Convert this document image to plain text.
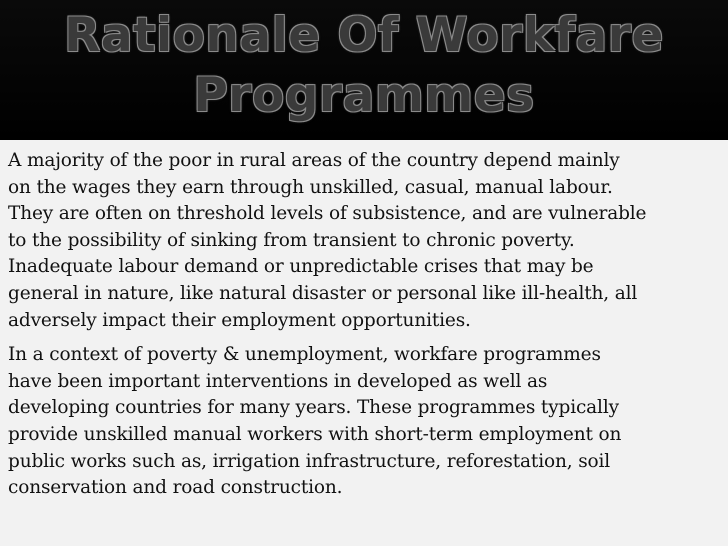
Rationale Of Workfare
Programmes

A majority of the poor in rural areas of the country depend mainly
on the wages they earn through unskilled, casual, manual labour.
They are often on threshold levels of subsistence, and are vulnerable
to the possibility of sinking from transient to chronic poverty.
Inadequate labour demand or unpredictable crises that may be
general in nature, like natural disaster or personal like ill-health, all
adversely impact their employment opportunities.

In a context of poverty & unemployment, workfare programmes
have been important interventions in developed as well as
developing countries for many years. These programmes typically
provide unskilled manual workers with short-term employment on
public works such as, irrigation infrastructure, reforestation, soil
conservation and road construction.
